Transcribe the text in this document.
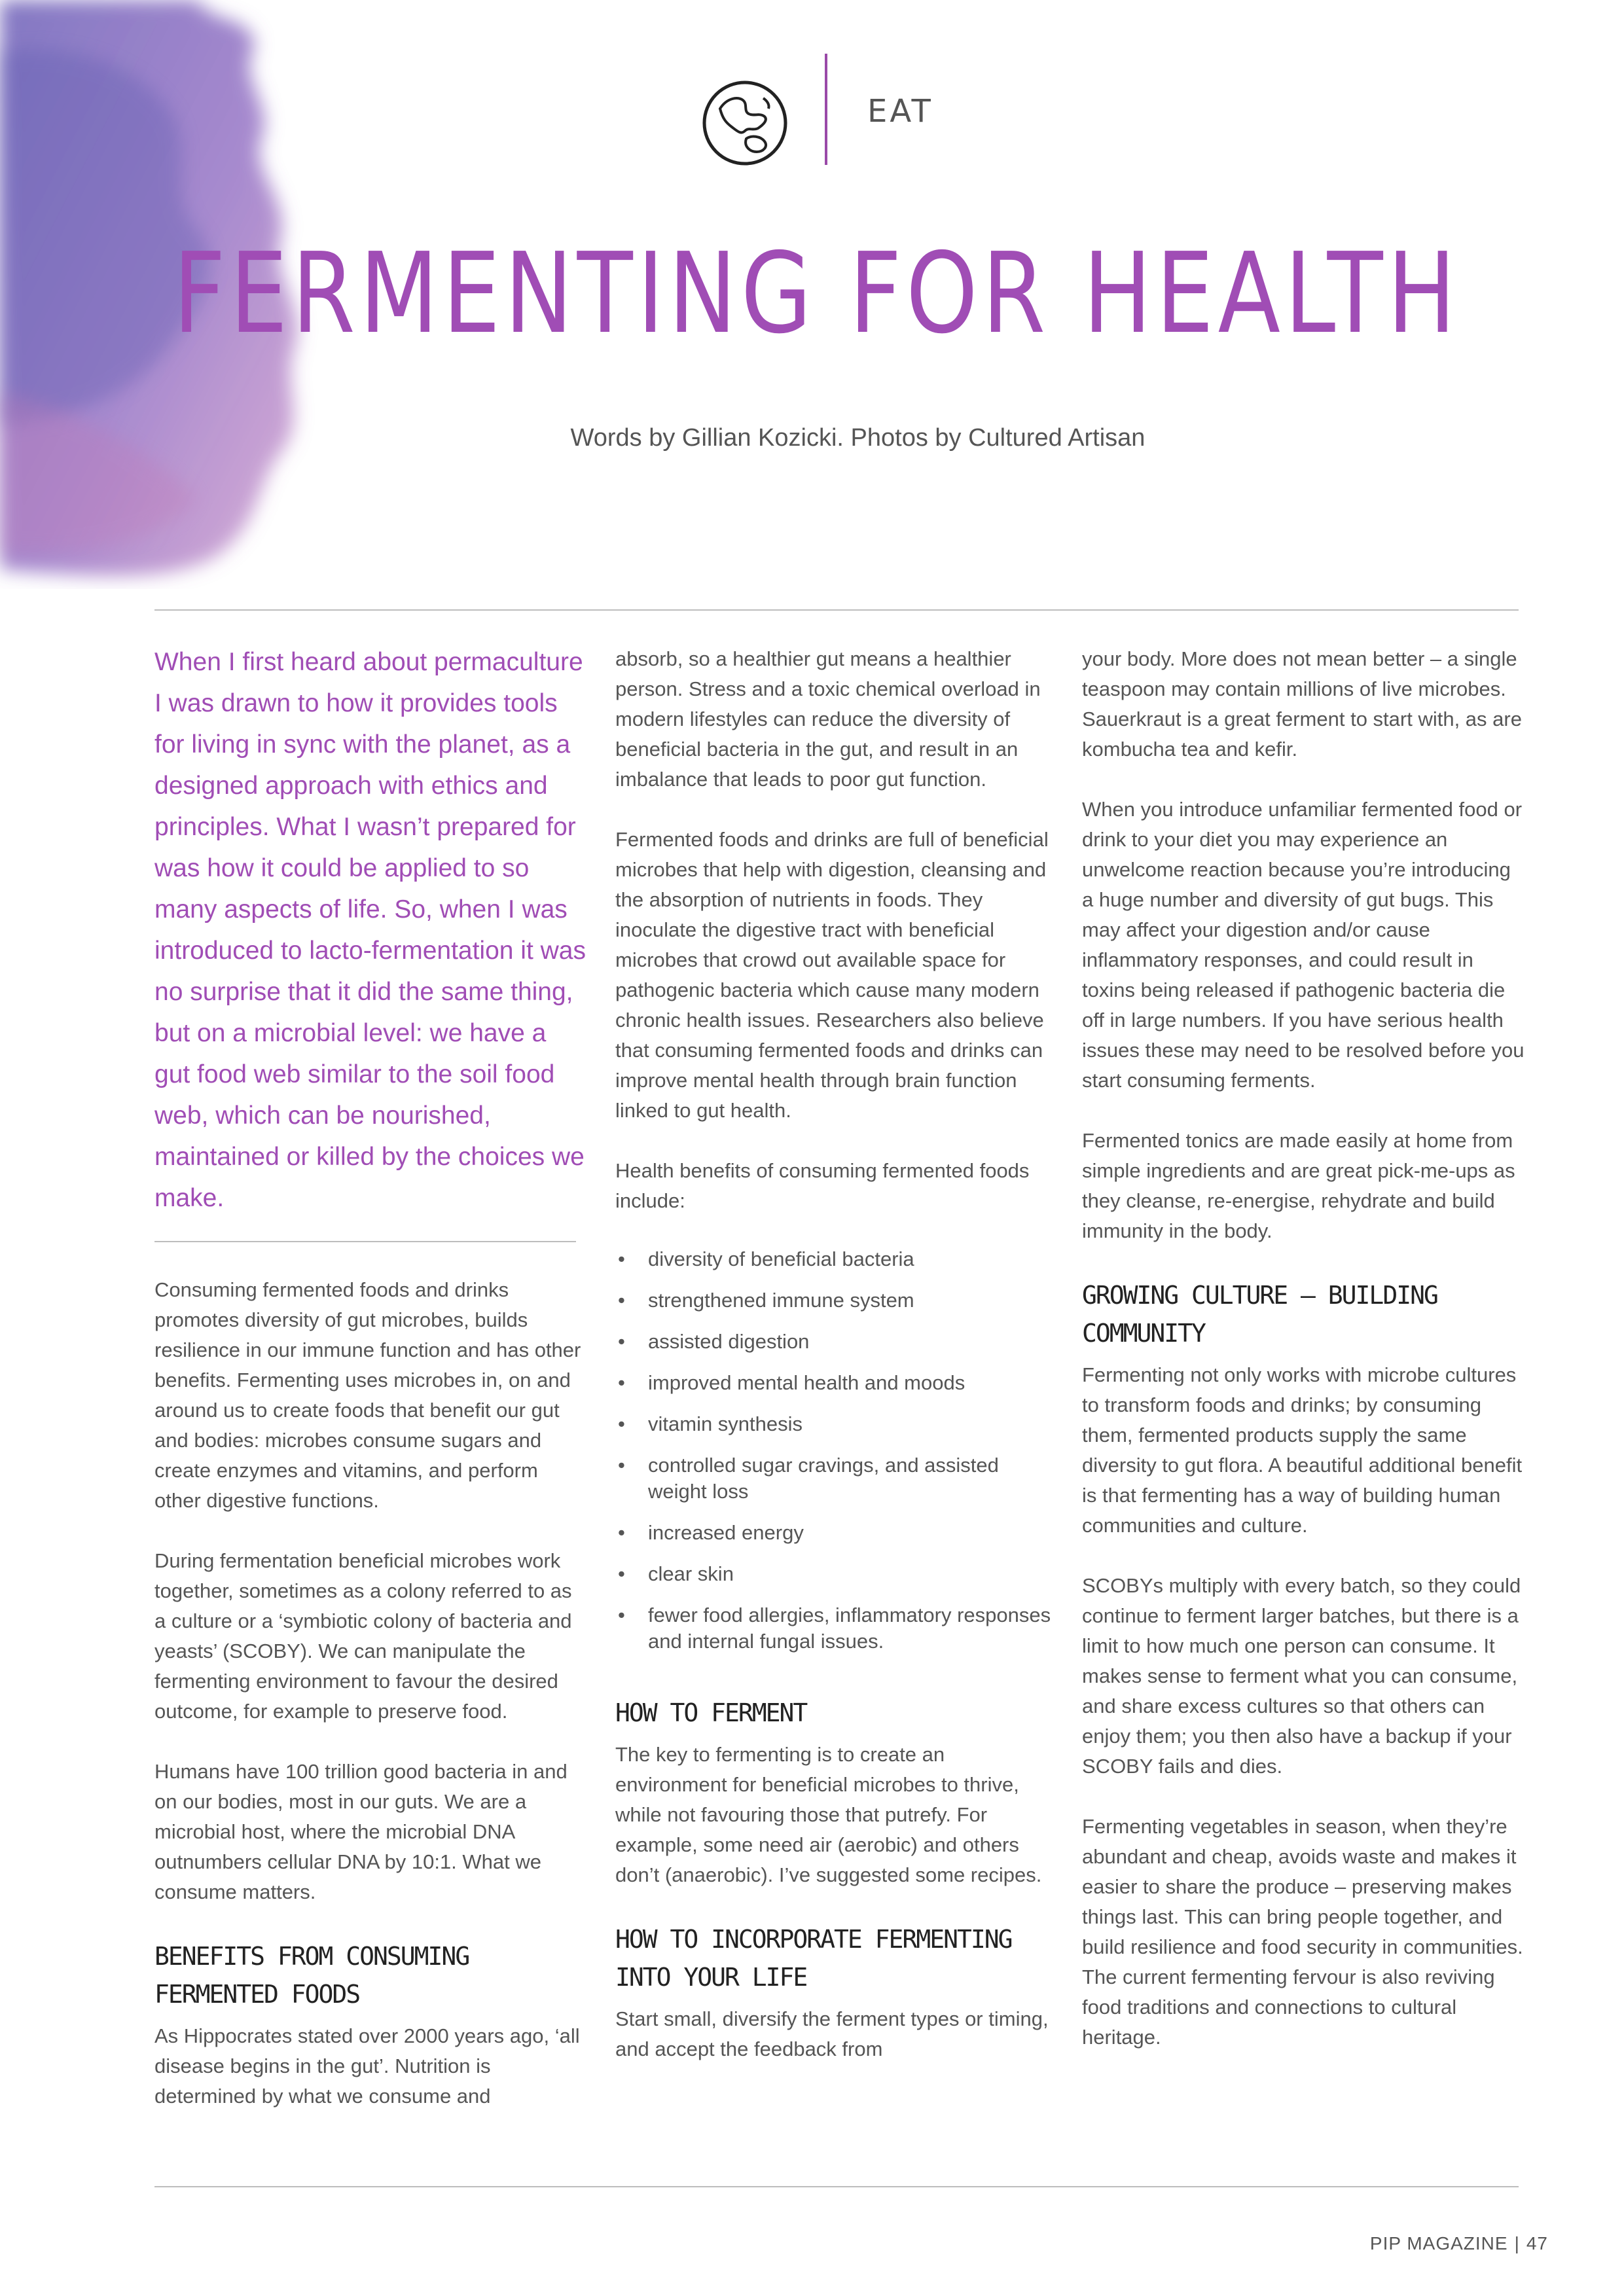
EAT
FERMENTING FOR HEALTH
Words by Gillian Kozicki. Photos by Cultured Artisan
When I first heard about permaculture I was drawn to how it provides tools for living in sync with the planet, as a designed approach with ethics and principles. What I wasn’t prepared for was how it could be applied to so many aspects of life. So, when I was introduced to lacto-fermentation it was no surprise that it did the same thing, but on a microbial level: we have a gut food web similar to the soil food web, which can be nourished, maintained or killed by the choices we make.

Consuming fermented foods and drinks promotes diversity of gut microbes, builds resilience in our immune function and has other benefits. Fermenting uses microbes in, on and around us to create foods that benefit our gut and bodies: microbes consume sugars and create enzymes and vitamins, and perform other digestive functions.

During fermentation beneficial microbes work together, sometimes as a colony referred to as a culture or a ‘symbiotic colony of bacteria and yeasts’ (SCOBY). We can manipulate the fermenting environment to favour the desired outcome, for example to preserve food.

Humans have 100 trillion good bacteria in and on our bodies, most in our guts. We are a microbial host, where the microbial DNA outnumbers cellular DNA by 10:1. What we consume matters.

BENEFITS FROM CONSUMING FERMENTED FOODS

As Hippocrates stated over 2000 years ago, ‘all disease begins in the gut’. Nutrition is determined by what we consume and

absorb, so a healthier gut means a healthier person. Stress and a toxic chemical overload in modern lifestyles can reduce the diversity of beneficial bacteria in the gut, and result in an imbalance that leads to poor gut function.

Fermented foods and drinks are full of beneficial microbes that help with digestion, cleansing and the absorption of nutrients in foods. They inoculate the digestive tract with beneficial microbes that crowd out available space for pathogenic bacteria which cause many modern chronic health issues. Researchers also believe that consuming fermented foods and drinks can improve mental health through brain function linked to gut health.

Health benefits of consuming fermented foods include:

• diversity of beneficial bacteria
• strengthened immune system
• assisted digestion
• improved mental health and moods
• vitamin synthesis
• controlled sugar cravings, and assisted weight loss
• increased energy
• clear skin
• fewer food allergies, inflammatory responses and internal fungal issues.
HOW TO FERMENT

The key to fermenting is to create an environment for beneficial microbes to thrive, while not favouring those that putrefy. For example, some need air (aerobic) and others don’t (anaerobic). I’ve suggested some recipes.

HOW TO INCORPORATE FERMENTING INTO YOUR LIFE

Start small, diversify the ferment types or timing, and accept the feedback from

your body. More does not mean better – a single teaspoon may contain millions of live microbes. Sauerkraut is a great ferment to start with, as are kombucha tea and kefir.

When you introduce unfamiliar fermented food or drink to your diet you may experience an unwelcome reaction because you’re introducing a huge number and diversity of gut bugs. This may affect your digestion and/or cause inflammatory responses, and could result in toxins being released if pathogenic bacteria die off in large numbers. If you have serious health issues these may need to be resolved before you start consuming ferments.

Fermented tonics are made easily at home from simple ingredients and are great pick-me-ups as they cleanse, re-energise, rehydrate and build immunity in the body.

GROWING CULTURE – BUILDING COMMUNITY

Fermenting not only works with microbe cultures to transform foods and drinks; by consuming them, fermented products supply the same diversity to gut flora. A beautiful additional benefit is that fermenting has a way of building human communities and culture.

SCOBYs multiply with every batch, so they could continue to ferment larger batches, but there is a limit to how much one person can consume. It makes sense to ferment what you can consume, and share excess cultures so that others can enjoy them; you then also have a backup if your SCOBY fails and dies.

Fermenting vegetables in season, when they’re abundant and cheap, avoids waste and makes it easier to share the produce – preserving makes things last. This can bring people together, and build resilience and food security in communities. The current fermenting fervour is also reviving food traditions and connections to cultural heritage.

PIP MAGAZINE | 47
